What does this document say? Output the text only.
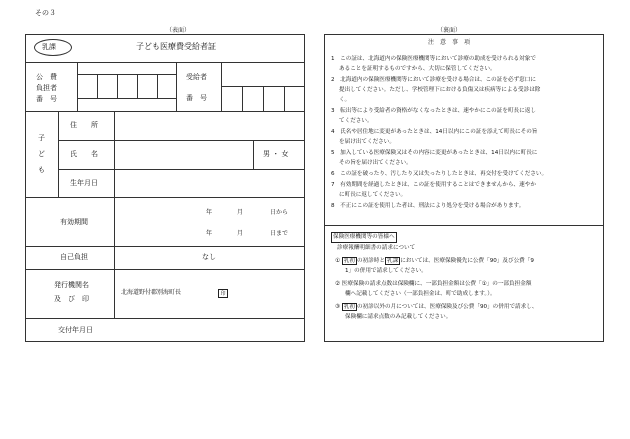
その３
（表面）
乳課	子ども医療費受給者証
公　費
負担者
番　号
受給者
番　号
子
ど
も
住　　所
氏　　名	男 ・ 女
生年月日
有効期間
年	月	日から
年	月	日まで
自己負担	なし
発行機関名
及　び　印
北海道野付郡別海町長	印
交付年月日
（裏面）
注　意　事　項
1　この証は、北海道内の保険医療機関等において診療の助成を受けられる対象で
あることを証明するものですから、大切に保管してください。
2　北海道内の保険医療機関等において診療を受ける場合は、この証を必ず窓口に
提出してください。ただし、学校管理下における負傷又は疾病等による受診は除
く。
3　転出等により受給者の資格がなくなったときは、速やかにこの証を町長に返し
てください。
4　氏名や居住地に変更があったときは、14日以内にこの証を添えて町長にその旨
を届け出てください。
5　加入している医療保険又はその内容に変更があったときは、14日以内に町長に
その旨を届け出てください。
6　この証を破ったり、汚したり又は失ったりしたときは、再交付を受けてください。
7　有効期間を経過したときは、この証を使用することはできませんから、速やか
に町長に返してください。
8　不正にこの証を使用した者は、刑法により処分を受ける場合があります。
保険医療機関等の皆様へ
診療報酬明細書の請求について
① 乳初 の初診時と 乳課 においては、医療保険優先に公費「90」及び公費「9
1」の併用で請求してください。
② 医療保険の請求点数は保険欄に、一部負担金額は公費「①」の一部負担金額
欄へ記載してください（一部負担金は、町で助成します。）。
③ 乳初 の初診以外の月については、医療保険及び公費「90」の併用で請求し、
保険欄に請求点数のみ記載してください。
